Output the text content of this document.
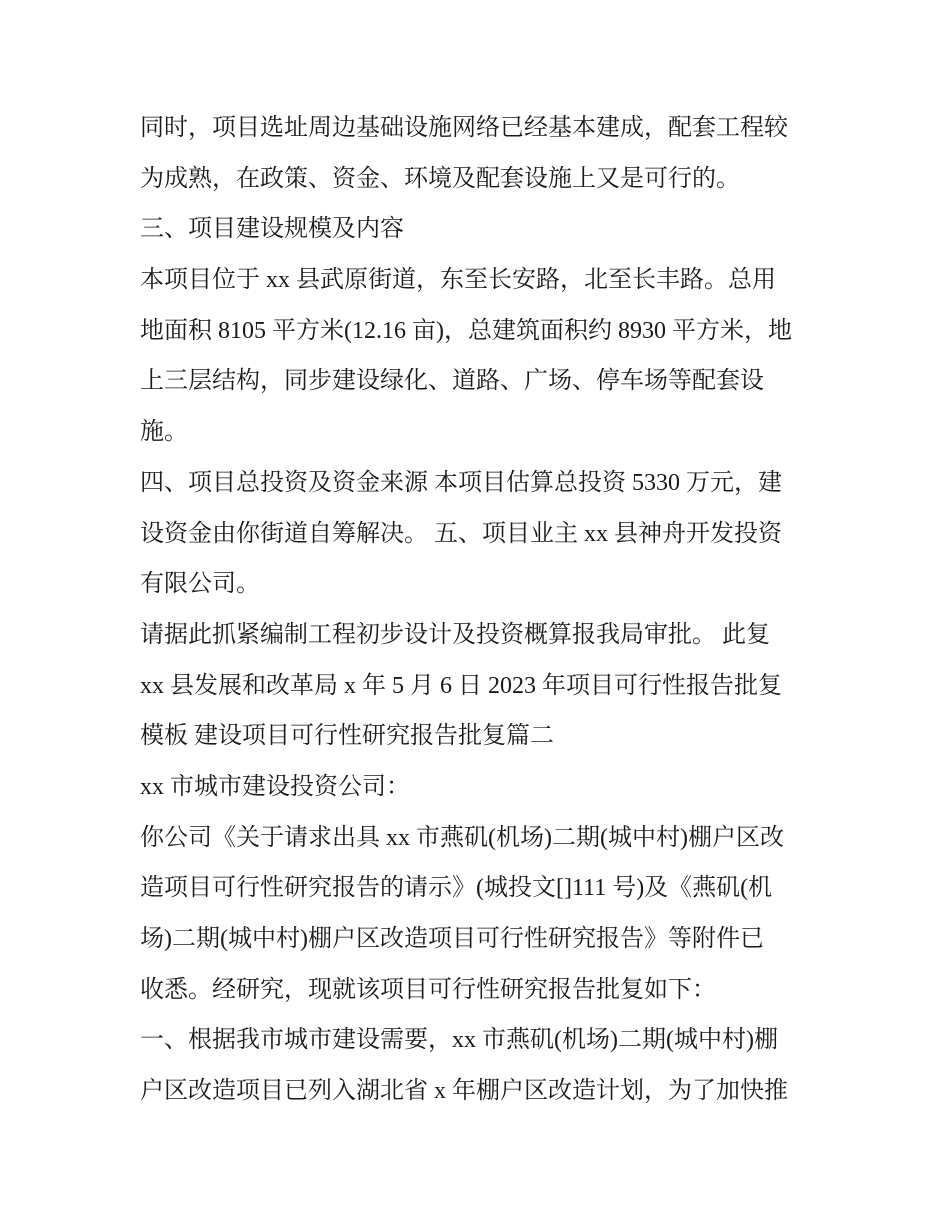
同时，项目选址周边基础设施网络已经基本建成，配套工程较
为成熟，在政策、资金、环境及配套设施上又是可行的。
三、项目建设规模及内容
本项目位于 xx 县武原街道，东至长安路，北至长丰路。总用
地面积 8105 平方米(12.16 亩)，总建筑面积约 8930 平方米，地
上三层结构，同步建设绿化、道路、广场、停车场等配套设
施。
四、项目总投资及资金来源 本项目估算总投资 5330 万元，建
设资金由你街道自筹解决。 五、项目业主 xx 县神舟开发投资
有限公司。
请据此抓紧编制工程初步设计及投资概算报我局审批。 此复
xx 县发展和改革局 x 年 5 月 6 日 2023 年项目可行性报告批复
模板 建设项目可行性研究报告批复篇二
xx 市城市建设投资公司：
你公司《关于请求出具 xx 市燕矶(机场)二期(城中村)棚户区改
造项目可行性研究报告的请示》(城投文[]111 号)及《燕矶(机
场)二期(城中村)棚户区改造项目可行性研究报告》等附件已
收悉。经研究，现就该项目可行性研究报告批复如下：
一、根据我市城市建设需要，xx 市燕矶(机场)二期(城中村)棚
户区改造项目已列入湖北省 x 年棚户区改造计划，为了加快推
